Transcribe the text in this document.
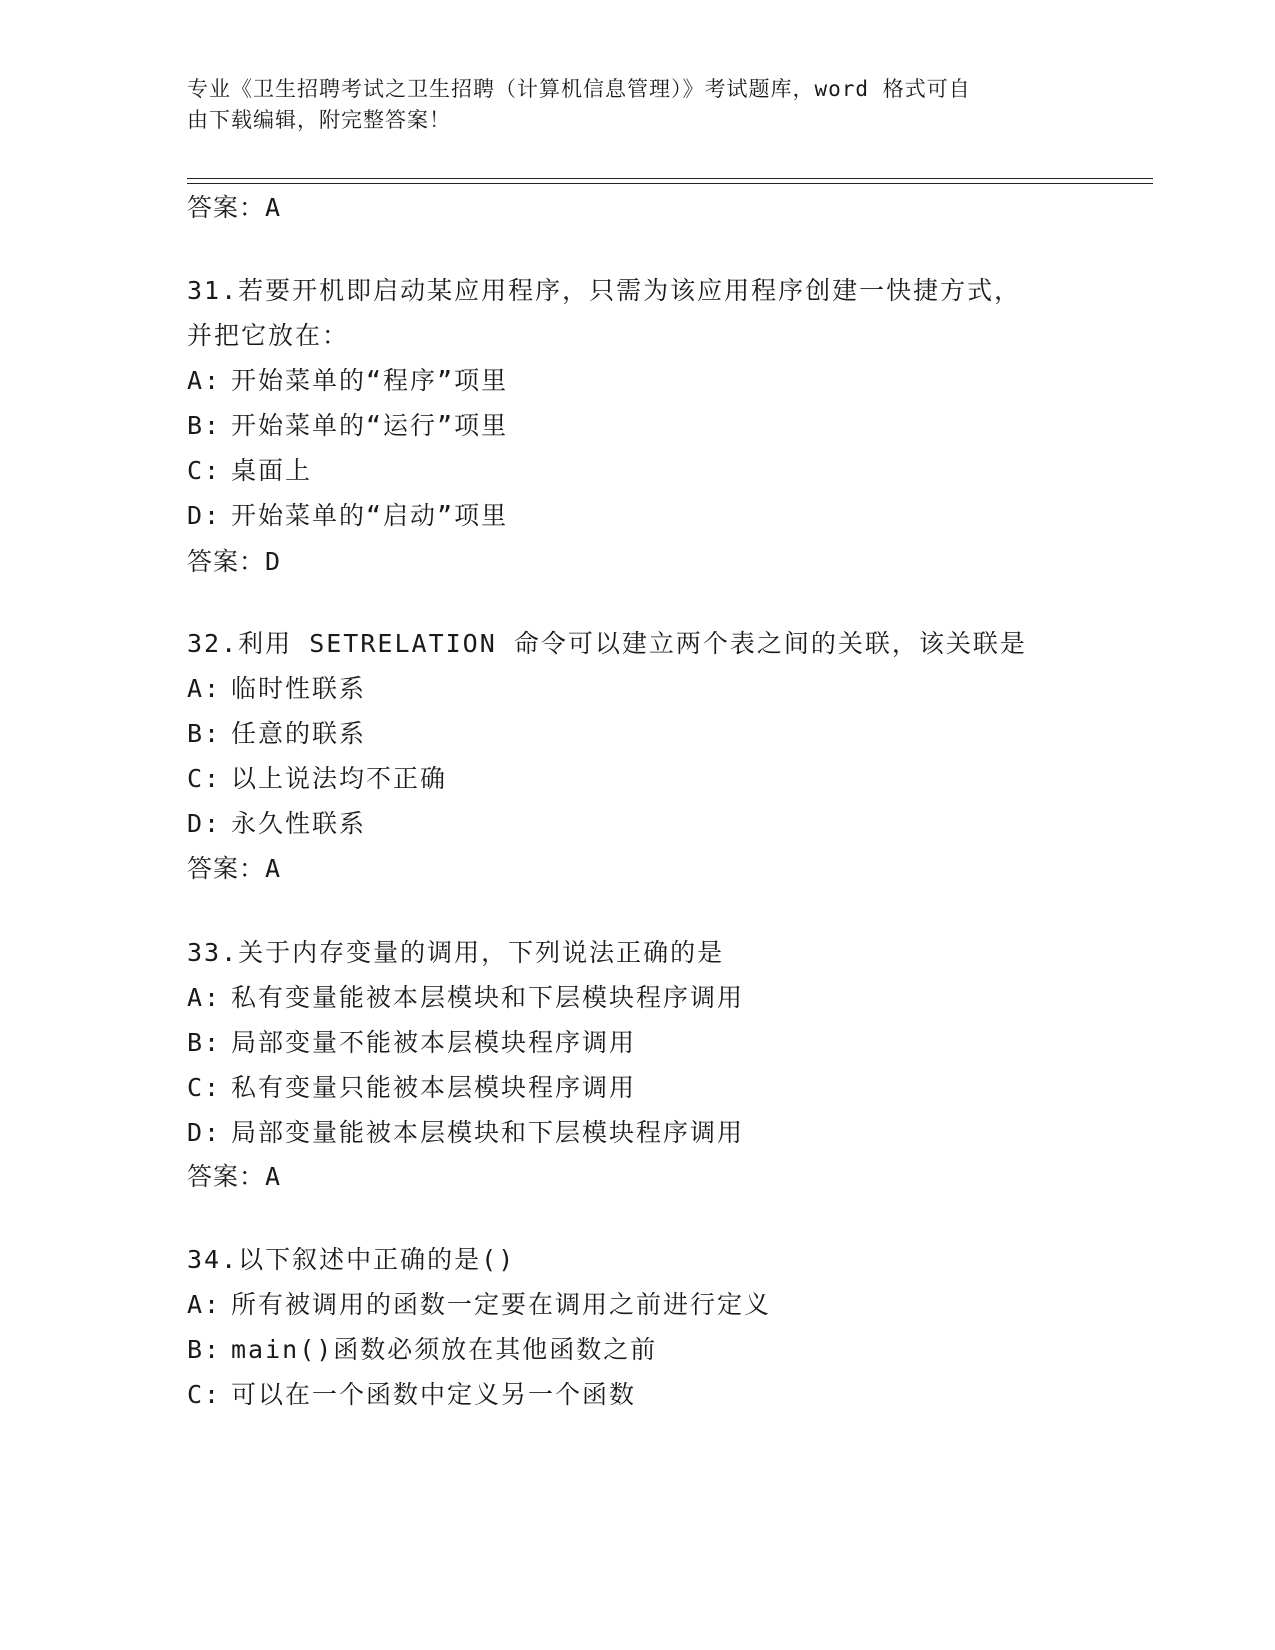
专业《卫生招聘考试之卫生招聘（计算机信息管理）》考试题库，word 格式可自
由下载编辑，附完整答案！
答案：A

31.若要开机即启动某应用程序，只需为该应用程序创建一快捷方式，

并把它放在：

A: 开始菜单的“程序”项里

B: 开始菜单的“运行”项里

C: 桌面上

D: 开始菜单的“启动”项里

答案：D

32.利用 SETRELATION 命令可以建立两个表之间的关联，该关联是

A: 临时性联系

B: 任意的联系

C: 以上说法均不正确

D: 永久性联系

答案：A

33.关于内存变量的调用，下列说法正确的是

A: 私有变量能被本层模块和下层模块程序调用

B: 局部变量不能被本层模块程序调用

C: 私有变量只能被本层模块程序调用

D: 局部变量能被本层模块和下层模块程序调用

答案：A

34.以下叙述中正确的是()

A: 所有被调用的函数一定要在调用之前进行定义

B: main()函数必须放在其他函数之前

C: 可以在一个函数中定义另一个函数
